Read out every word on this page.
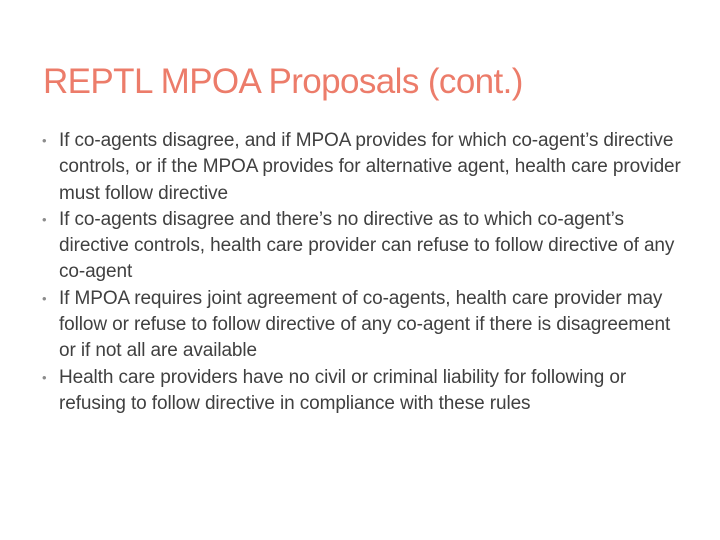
REPTL MPOA Proposals (cont.)
• If co-agents disagree, and if MPOA provides for which co-agent’s directive controls, or if the MPOA provides for alternative agent, health care provider must follow directive
• If co-agents disagree and there’s no directive as to which co-agent’s directive controls, health care provider can refuse to follow directive of any co-agent
• If MPOA requires joint agreement of co-agents, health care provider may follow or refuse to follow directive of any co-agent if there is disagreement or if not all are available
• Health care providers have no civil or criminal liability for following or refusing to follow directive in compliance with these rules
